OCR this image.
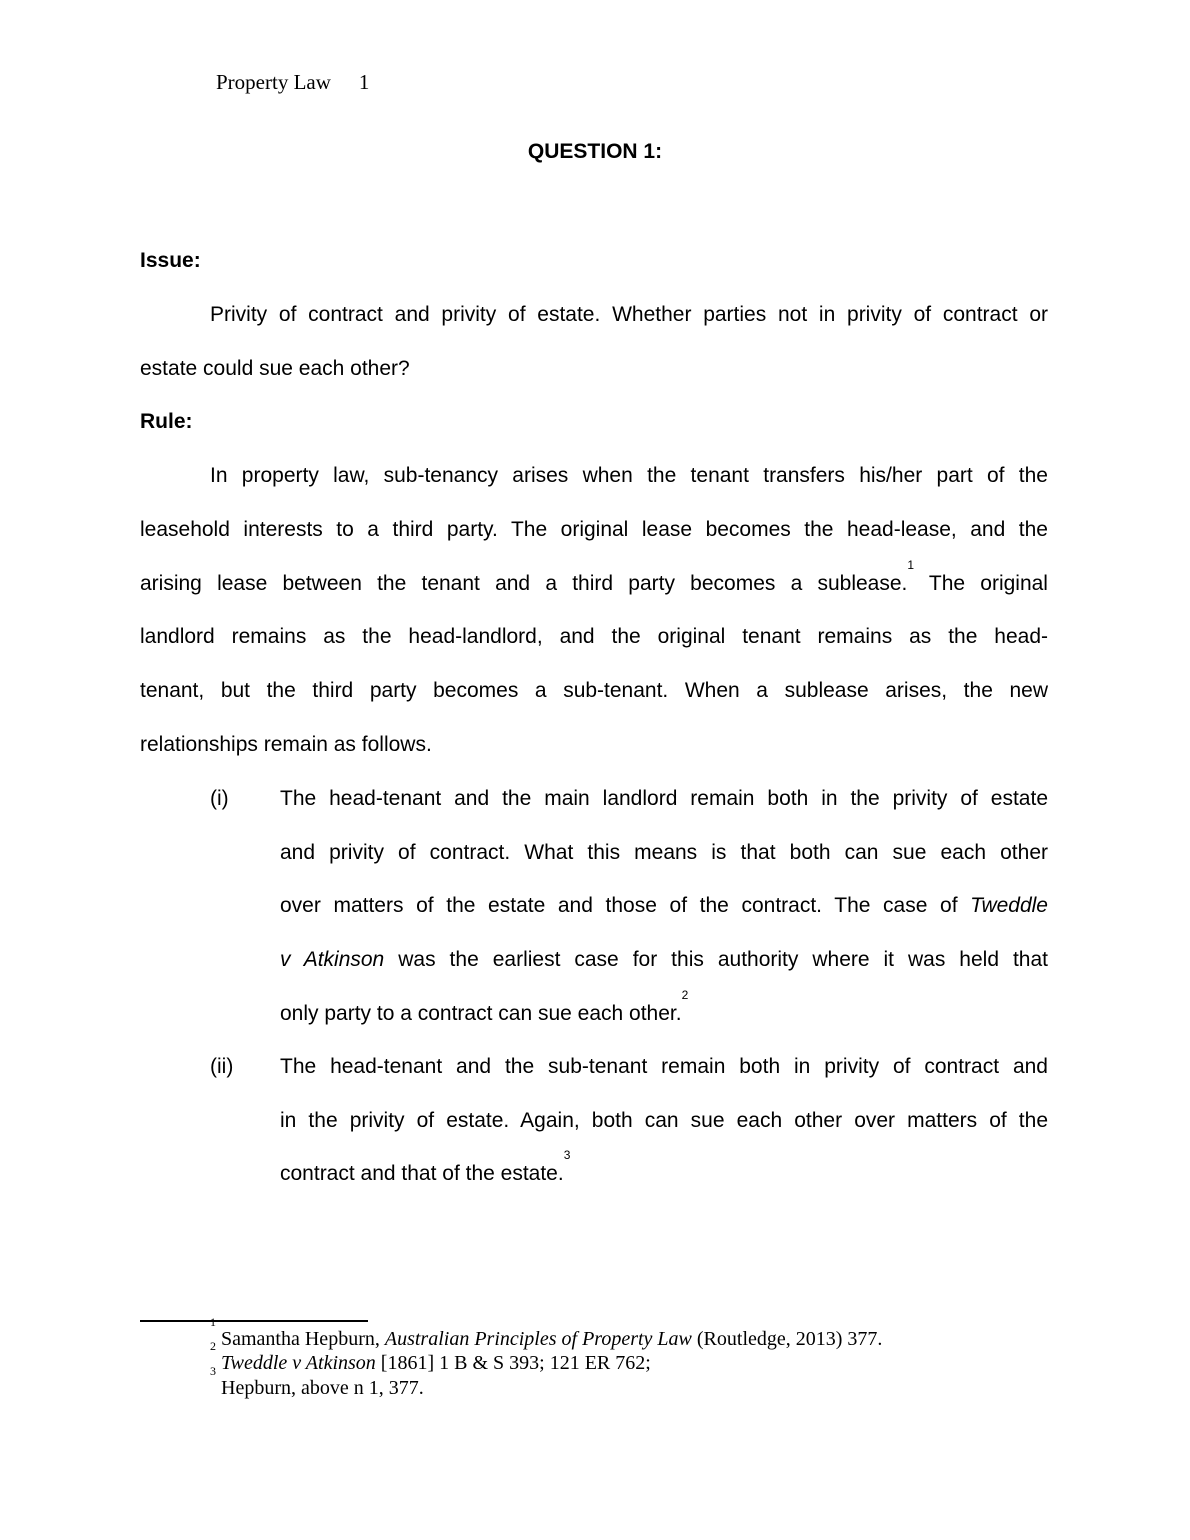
Property Law 1
QUESTION 1:
Issue:
Privity of contract and privity of estate. Whether parties not in privity of contract or
estate could sue each other?
Rule:
In property law, sub-tenancy arises when the tenant transfers his/her part of the
leasehold interests to a third party. The original lease becomes the head-lease, and the
arising lease between the tenant and a third party becomes a sublease.$^1$ The original
landlord remains as the head-landlord, and the original tenant remains as the head-
tenant, but the third party becomes a sub-tenant. When a sublease arises, the new
relationships remain as follows.
(i) The head-tenant and the main landlord remain both in the privity of estate
and privity of contract. What this means is that both can sue each other
over matters of the estate and those of the contract. The case of Tweddle
v Atkinson was the earliest case for this authority where it was held that
only party to a contract can sue each other.$^2$
(ii) The head-tenant and the sub-tenant remain both in privity of contract and
in the privity of estate. Again, both can sue each other over matters of the
contract and that of the estate.$^3$
$^1$ Samantha Hepburn, Australian Principles of Property Law (Routledge, 2013) 377.
$^2$ Tweddle v Atkinson [1861] 1 B & S 393; 121 ER 762;
$^3$ Hepburn, above n 1, 377.
